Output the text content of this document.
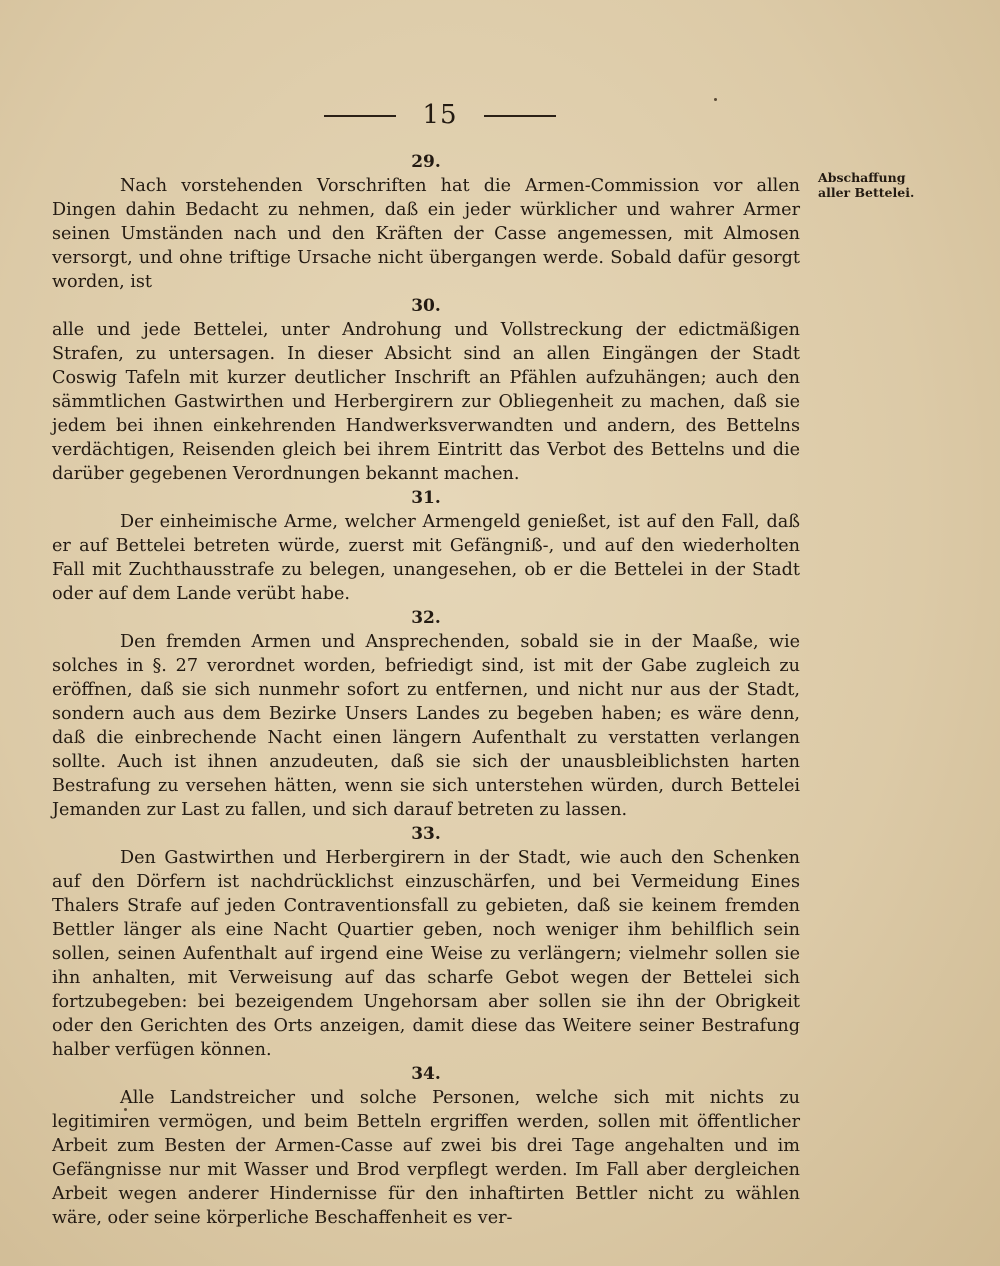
15
Abschaffung aller Bettelei.

29.

Nach vorstehenden Vorschriften hat die Armen-Commission vor allen Dingen dahin Bedacht zu nehmen, daß ein jeder würklicher und wahrer Armer seinen Umständen nach und den Kräften der Casse angemessen, mit Almosen versorgt, und ohne triftige Ursache nicht übergangen werde. Sobald dafür gesorgt worden, ist

30.

alle und jede Bettelei, unter Androhung und Vollstreckung der edictmäßigen Strafen, zu untersagen. In dieser Absicht sind an allen Eingängen der Stadt Coswig Tafeln mit kurzer deutlicher Inschrift an Pfählen aufzuhängen; auch den sämmtlichen Gastwirthen und Herbergirern zur Obliegenheit zu machen, daß sie jedem bei ihnen einkehrenden Handwerksverwandten und andern, des Bettelns verdächtigen, Reisenden gleich bei ihrem Eintritt das Verbot des Bettelns und die darüber gegebenen Verordnungen bekannt machen.

31.

Der einheimische Arme, welcher Armengeld genießet, ist auf den Fall, daß er auf Bettelei betreten würde, zuerst mit Gefängniß-, und auf den wiederholten Fall mit Zuchthausstrafe zu belegen, unangesehen, ob er die Bettelei in der Stadt oder auf dem Lande verübt habe.

32.

Den fremden Armen und Ansprechenden, sobald sie in der Maaße, wie solches in §. 27 verordnet worden, befriedigt sind, ist mit der Gabe zugleich zu eröffnen, daß sie sich nunmehr sofort zu entfernen, und nicht nur aus der Stadt, sondern auch aus dem Bezirke Unsers Landes zu begeben haben; es wäre denn, daß die einbrechende Nacht einen längern Aufenthalt zu verstatten verlangen sollte. Auch ist ihnen anzudeuten, daß sie sich der unausbleiblichsten harten Bestrafung zu versehen hätten, wenn sie sich unterstehen würden, durch Bettelei Jemanden zur Last zu fallen, und sich darauf betreten zu lassen.

33.

Den Gastwirthen und Herbergirern in der Stadt, wie auch den Schenken auf den Dörfern ist nachdrücklichst einzuschärfen, und bei Vermeidung Eines Thalers Strafe auf jeden Contraventionsfall zu gebieten, daß sie keinem fremden Bettler länger als eine Nacht Quartier geben, noch weniger ihm behilflich sein sollen, seinen Aufenthalt auf irgend eine Weise zu verlängern; vielmehr sollen sie ihn anhalten, mit Verweisung auf das scharfe Gebot wegen der Bettelei sich fortzubegeben: bei bezeigendem Ungehorsam aber sollen sie ihn der Obrigkeit oder den Gerichten des Orts anzeigen, damit diese das Weitere seiner Bestrafung halber verfügen können.

34.

Alle Landstreicher und solche Personen, welche sich mit nichts zu legitimiren vermögen, und beim Betteln ergriffen werden, sollen mit öffentlicher Arbeit zum Besten der Armen-Casse auf zwei bis drei Tage angehalten und im Gefängnisse nur mit Wasser und Brod verpflegt werden. Im Fall aber dergleichen Arbeit wegen anderer Hindernisse für den inhaftirten Bettler nicht zu wählen wäre, oder seine körperliche Beschaffenheit es ver-
